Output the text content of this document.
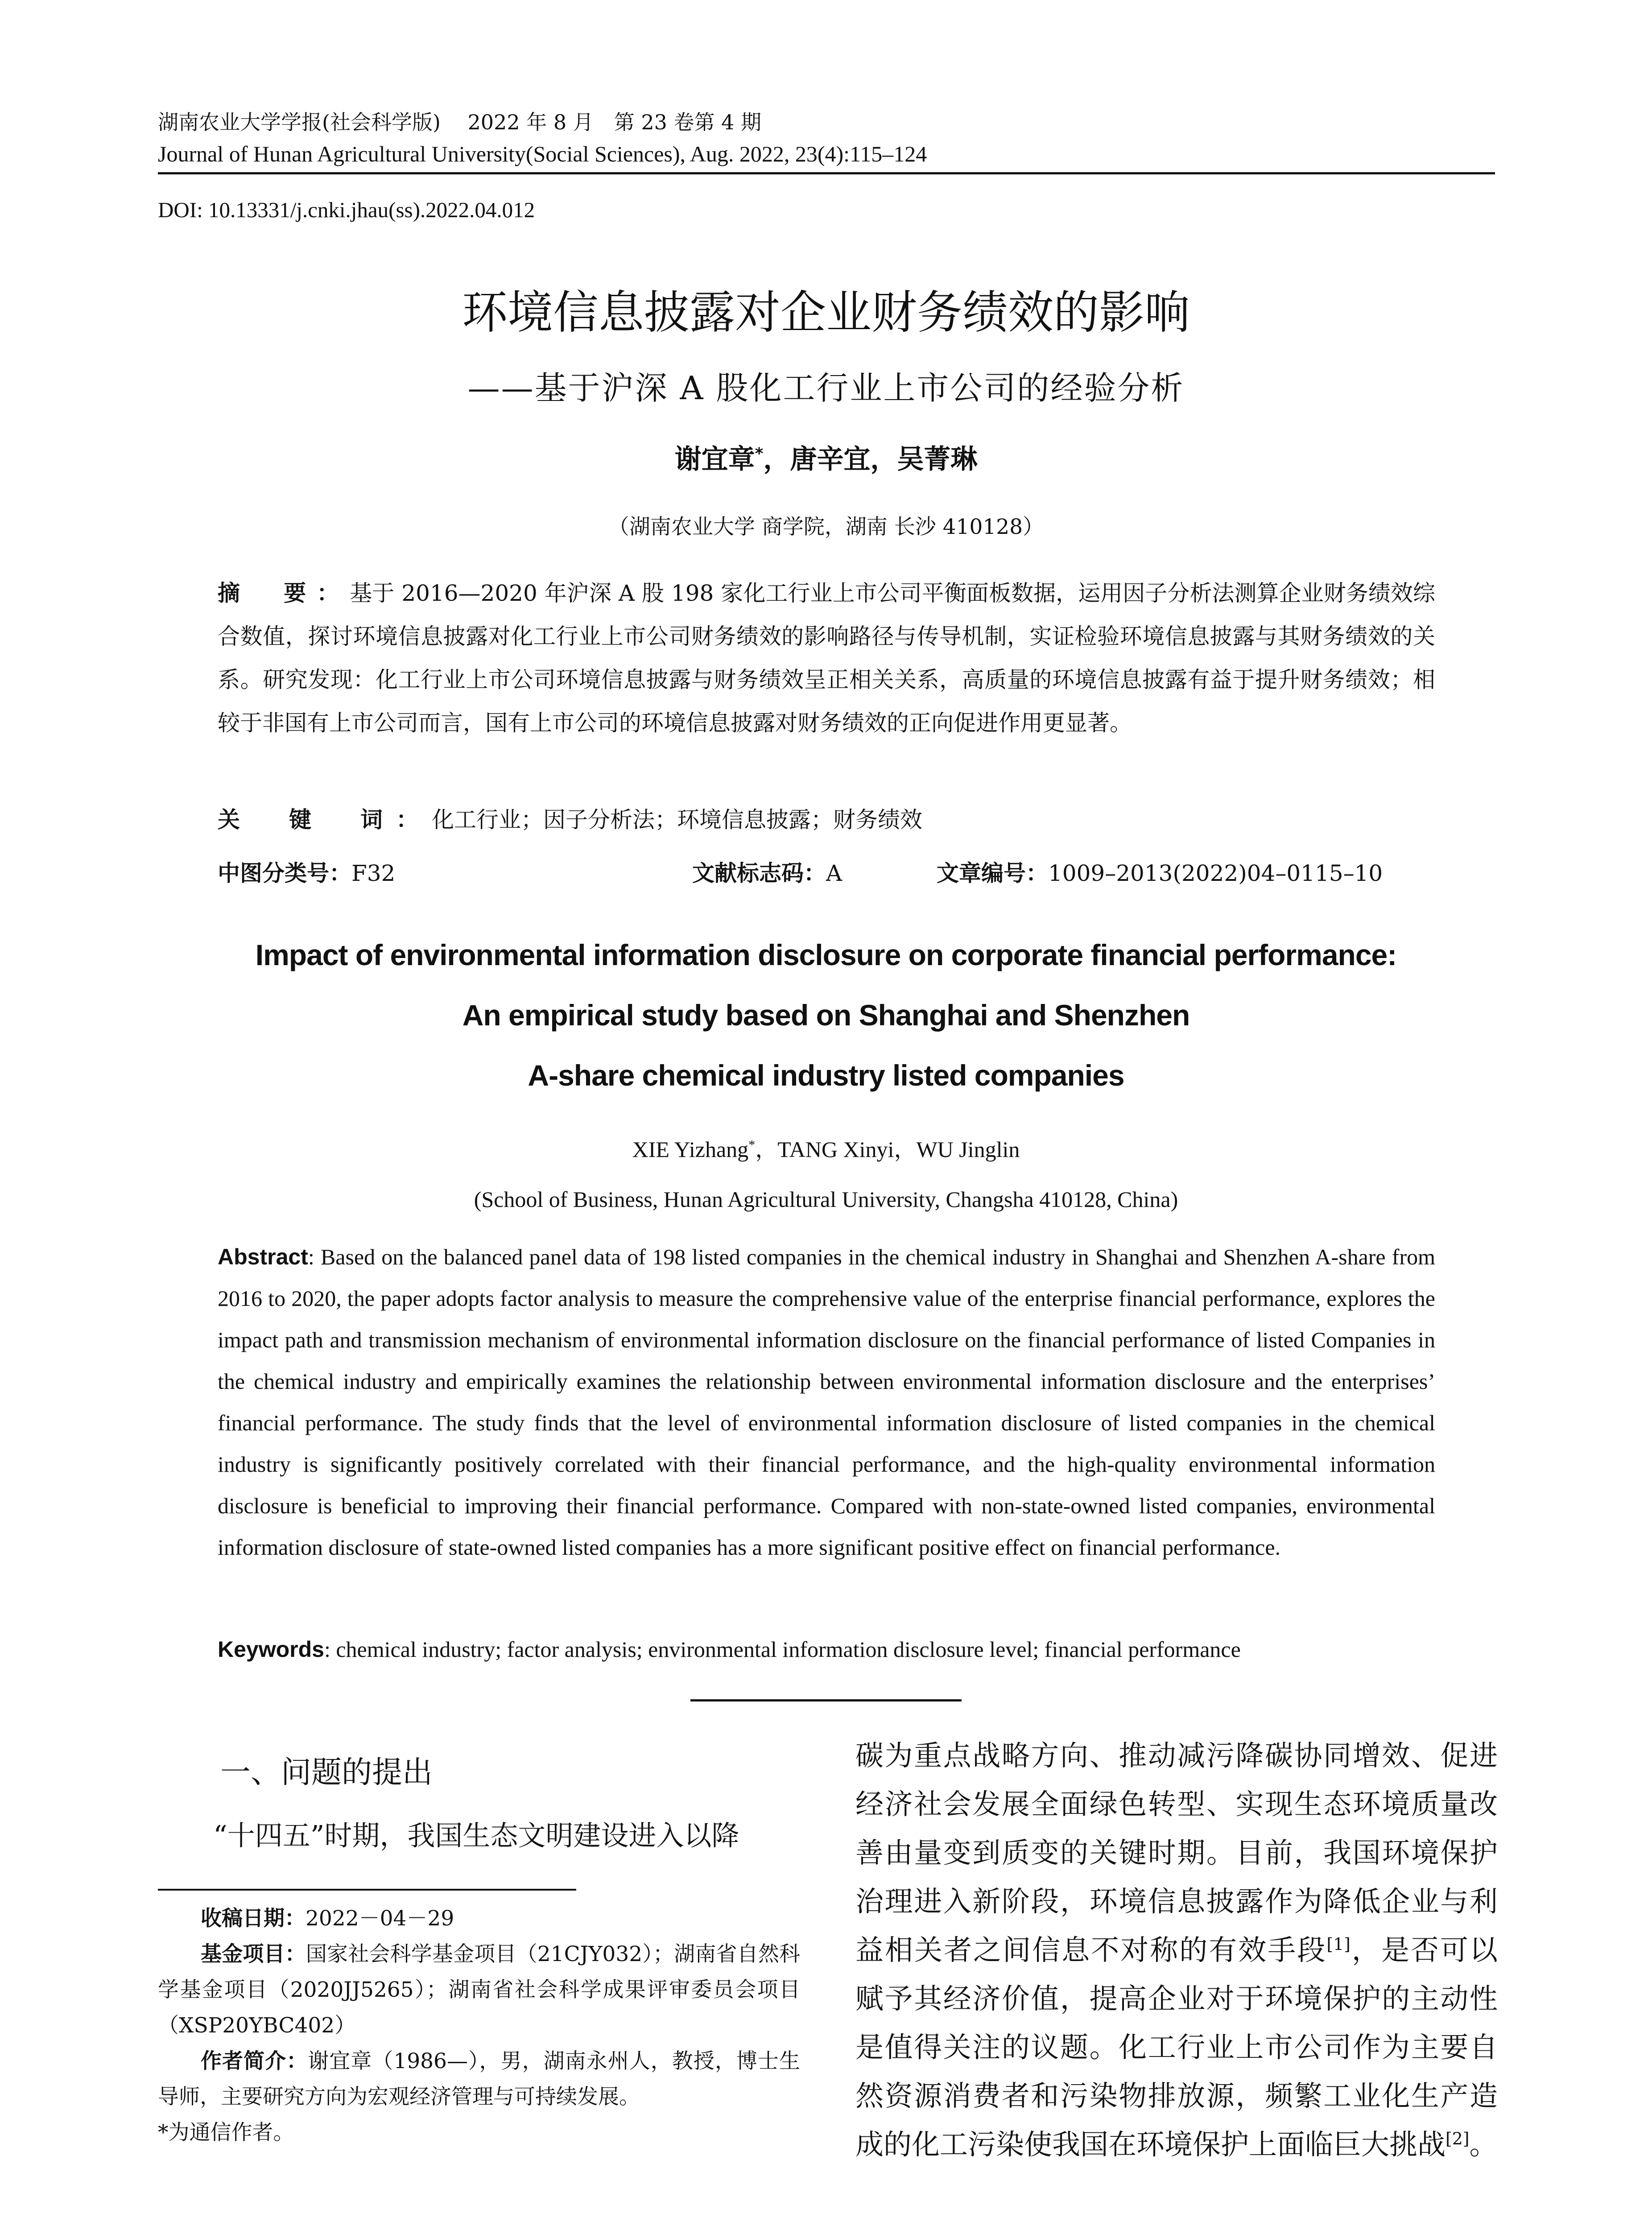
湖南农业大学学报(社会科学版)　 2022 年 8 月　第 23 卷第 4 期
Journal of Hunan Agricultural University(Social Sciences), Aug. 2022, 23(4):115–124
DOI: 10.13331/j.cnki.jhau(ss).2022.04.012
环境信息披露对企业财务绩效的影响
——基于沪深 A 股化工行业上市公司的经验分析
谢宜章*，唐辛宜，吴菁琳
（湖南农业大学 商学院，湖南 长沙 410128）
摘　要：基于 2016—2020 年沪深 A 股 198 家化工行业上市公司平衡面板数据，运用因子分析法测算企业财务绩效综合数值，探讨环境信息披露对化工行业上市公司财务绩效的影响路径与传导机制，实证检验环境信息披露与其财务绩效的关系。研究发现：化工行业上市公司环境信息披露与财务绩效呈正相关关系，高质量的环境信息披露有益于提升财务绩效；相较于非国有上市公司而言，国有上市公司的环境信息披露对财务绩效的正向促进作用更显著。
关　键　词：化工行业；因子分析法；环境信息披露；财务绩效
中图分类号：F32	文献标志码：A	文章编号：1009–2013(2022)04–0115–10
Impact of environmental information disclosure on corporate financial performance:
An empirical study based on Shanghai and Shenzhen
A-share chemical industry listed companies
XIE Yizhang*，TANG Xinyi，WU Jinglin
(School of Business, Hunan Agricultural University, Changsha 410128, China)
Abstract: Based on the balanced panel data of 198 listed companies in the chemical industry in Shanghai and Shenzhen A-share from 2016 to 2020, the paper adopts factor analysis to measure the comprehensive value of the enterprise financial performance, explores the impact path and transmission mechanism of environmental information disclosure on the financial performance of listed Companies in the chemical industry and empirically examines the relationship between environmental information disclosure and the enterprises’ financial performance. The study finds that the level of environmental information disclosure of listed companies in the chemical industry is significantly positively correlated with their financial performance, and the high-quality environmental information disclosure is beneficial to improving their financial performance. Compared with non-state-owned listed companies, environmental information disclosure of state-owned listed companies has a more significant positive effect on financial performance.
Keywords: chemical industry; factor analysis; environmental information disclosure level; financial performance
一、问题的提出
“十四五”时期，我国生态文明建设进入以降
收稿日期：2022－04－29
基金项目：国家社会科学基金项目（21CJY032）；湖南省自然科学基金项目（2020JJ5265）；湖南省社会科学成果评审委员会项目（XSP20YBC402）
作者简介：谢宜章（1986—），男，湖南永州人，教授，博士生导师，主要研究方向为宏观经济管理与可持续发展。
*为通信作者。
碳为重点战略方向、推动减污降碳协同增效、促进
经济社会发展全面绿色转型、实现生态环境质量改
善由量变到质变的关键时期。目前，我国环境保护
治理进入新阶段，环境信息披露作为降低企业与利
益相关者之间信息不对称的有效手段[1]，是否可以
赋予其经济价值，提高企业对于环境保护的主动性
是值得关注的议题。化工行业上市公司作为主要自
然资源消费者和污染物排放源，频繁工业化生产造
成的化工污染使我国在环境保护上面临巨大挑战[2]。
